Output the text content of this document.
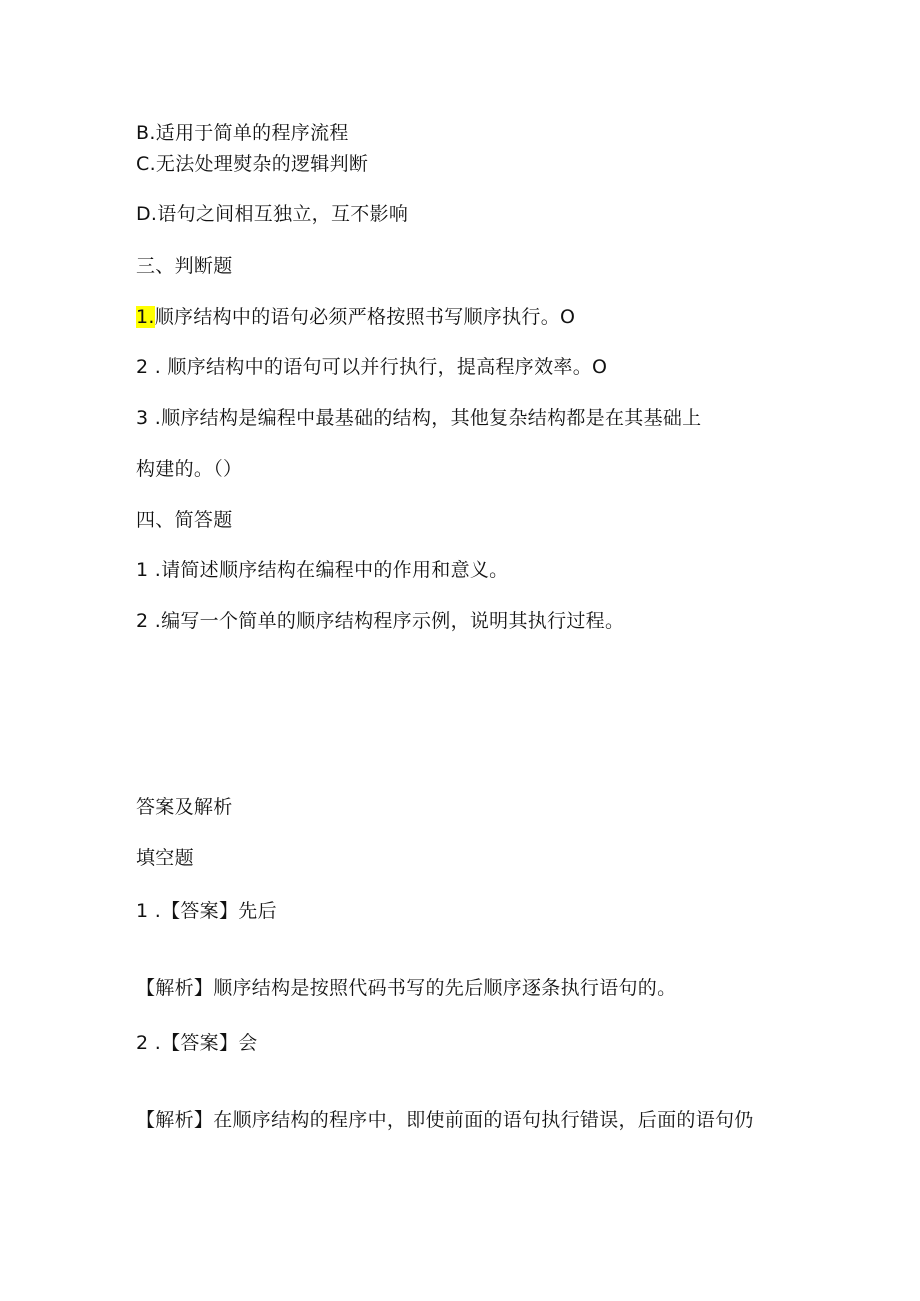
B.适用于简单的程序流程
C.无法处理熨杂的逻辑判断
D.语句之间相互独立，互不影响
三、判断题
1.顺序结构中的语句必须严格按照书写顺序执行。O
2 . 顺序结构中的语句可以并行执行，提高程序效率。O
3 .顺序结构是编程中最基础的结构，其他复杂结构都是在其基础上
构建的。（）
四、简答题
1 .请简述顺序结构在编程中的作用和意义。
2 .编写一个简单的顺序结构程序示例，说明其执行过程。
答案及解析
填空题
1 .【答案】先后
【解析】顺序结构是按照代码书写的先后顺序逐条执行语句的。
2 .【答案】会
【解析】在顺序结构的程序中，即使前面的语句执行错误，后面的语句仍
